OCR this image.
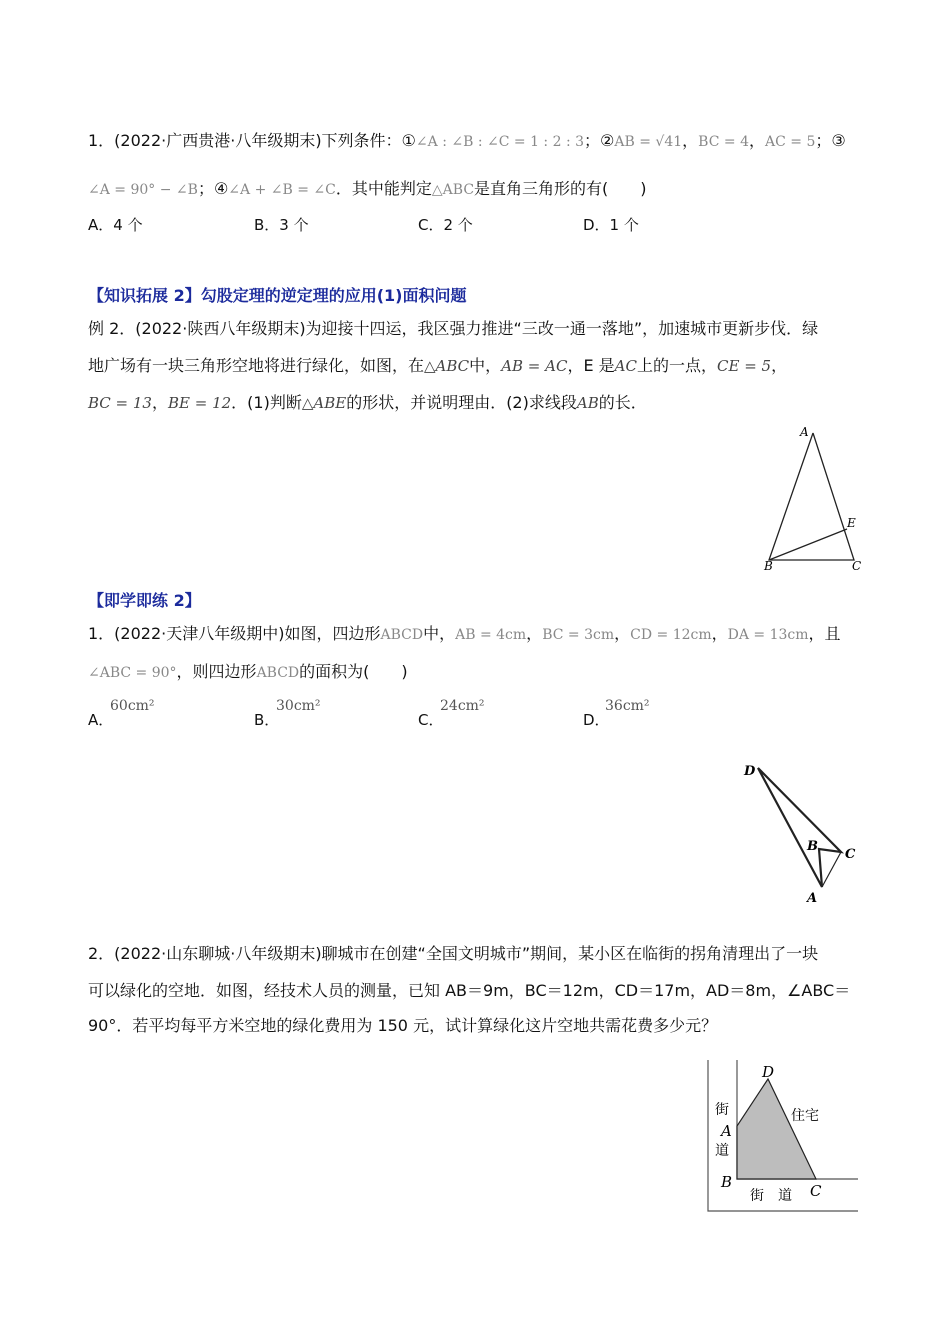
1．(2022·广西贵港·八年级期末)下列条件：①∠A : ∠B : ∠C = 1 : 2 : 3；②AB = √41，BC = 4，AC = 5；③
∠A = 90° − ∠B；④∠A + ∠B = ∠C．其中能判定△ABC是直角三角形的有(　　)
A．4 个	B．3 个	C．2 个	D．1 个
【知识拓展 2】勾股定理的逆定理的应用(1)面积问题
例 2．(2022·陕西八年级期末)为迎接十四运，我区强力推进“三改一通一落地”，加速城市更新步伐．绿
地广场有一块三角形空地将进行绿化，如图，在△ABC中，AB = AC，E 是AC上的一点，CE = 5，
BC = 13，BE = 12．(1)判断△ABE的形状，并说明理由．(2)求线段AB的长．
A
E
B	C
【即学即练 2】
1．(2022·天津八年级期中)如图，四边形ABCD中，AB = 4cm，BC = 3cm，CD = 12cm，DA = 13cm，且
∠ABC = 90°，则四边形ABCD的面积为(　　)
A．
60cm²
B．
30cm²
C．
24cm²
D．
36cm²
D
B
C
A
2．(2022·山东聊城·八年级期末)聊城市在创建“全国文明城市”期间，某小区在临街的拐角清理出了一块
可以绿化的空地．如图，经技术人员的测量，已知 AB＝9m，BC＝12m，CD＝17m，AD＝8m，∠ABC＝
90°．若平均每平方米空地的绿化费用为 150 元，试计算绿化这片空地共需花费多少元？
D
A
B	C
街
道
街　道
住宅
